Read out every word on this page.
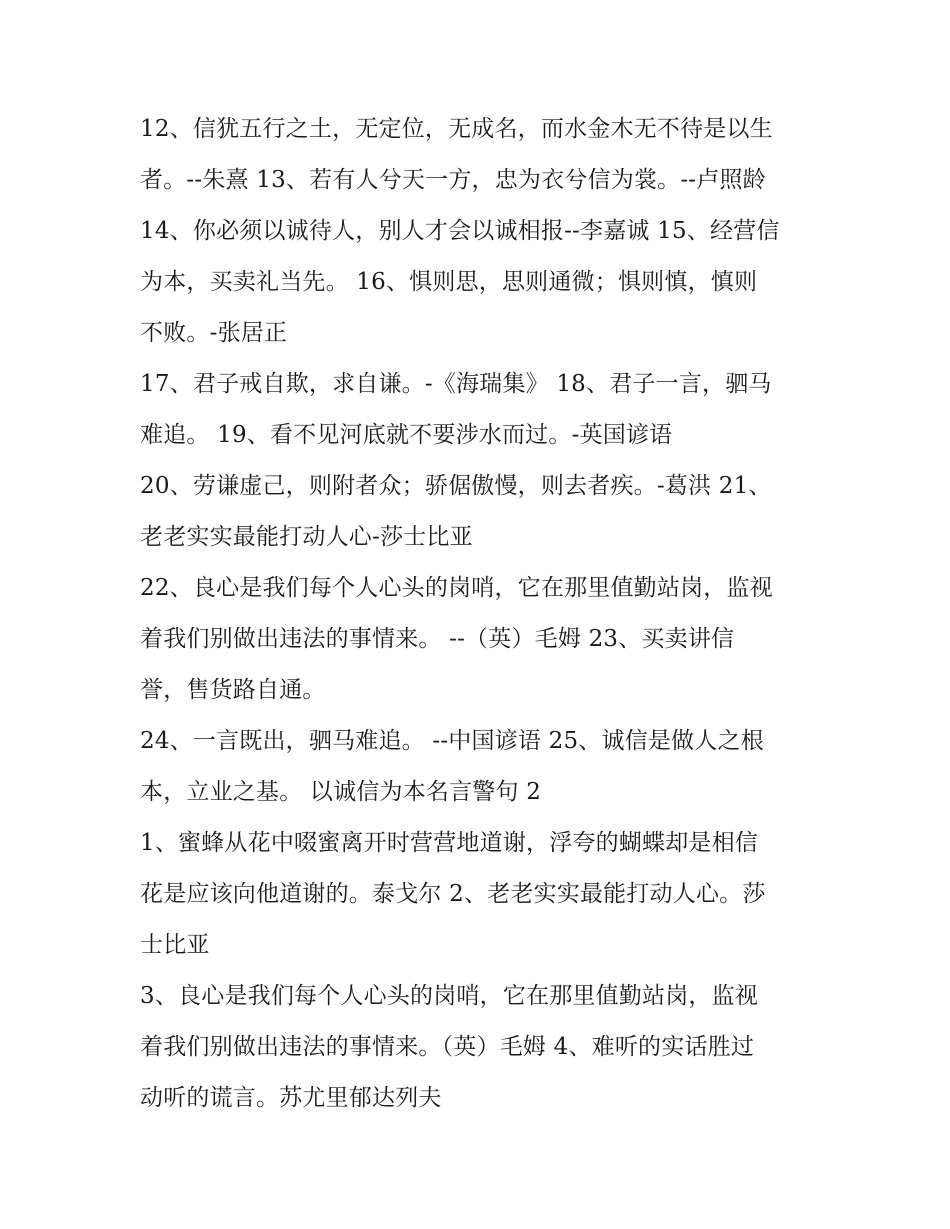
12、信犹五行之土，无定位，无成名，而水金木无不待是以生
者。--朱熹 13、若有人兮天一方，忠为衣兮信为裳。--卢照龄
14、你必须以诚待人，别人才会以诚相报--李嘉诚 15、经营信
为本，买卖礼当先。 16、惧则思，思则通微；惧则慎，慎则
不败。-张居正
17、君子戒自欺，求自谦。-《海瑞集》 18、君子一言，驷马
难追。 19、看不见河底就不要涉水而过。-英国谚语
20、劳谦虚己，则附者众；骄倨傲慢，则去者疾。-葛洪 21、
老老实实最能打动人心-莎士比亚
22、良心是我们每个人心头的岗哨，它在那里值勤站岗，监视
着我们别做出违法的事情来。 --（英）毛姆 23、买卖讲信
誉，售货路自通。
24、一言既出，驷马难追。 --中国谚语 25、诚信是做人之根
本，立业之基。 以诚信为本名言警句 2
1、蜜蜂从花中啜蜜离开时营营地道谢，浮夸的蝴蝶却是相信
花是应该向他道谢的。泰戈尔 2、老老实实最能打动人心。莎
士比亚
3、良心是我们每个人心头的岗哨，它在那里值勤站岗，监视
着我们别做出违法的事情来。（英）毛姆 4、难听的实话胜过
动听的谎言。苏尤里郁达列夫
